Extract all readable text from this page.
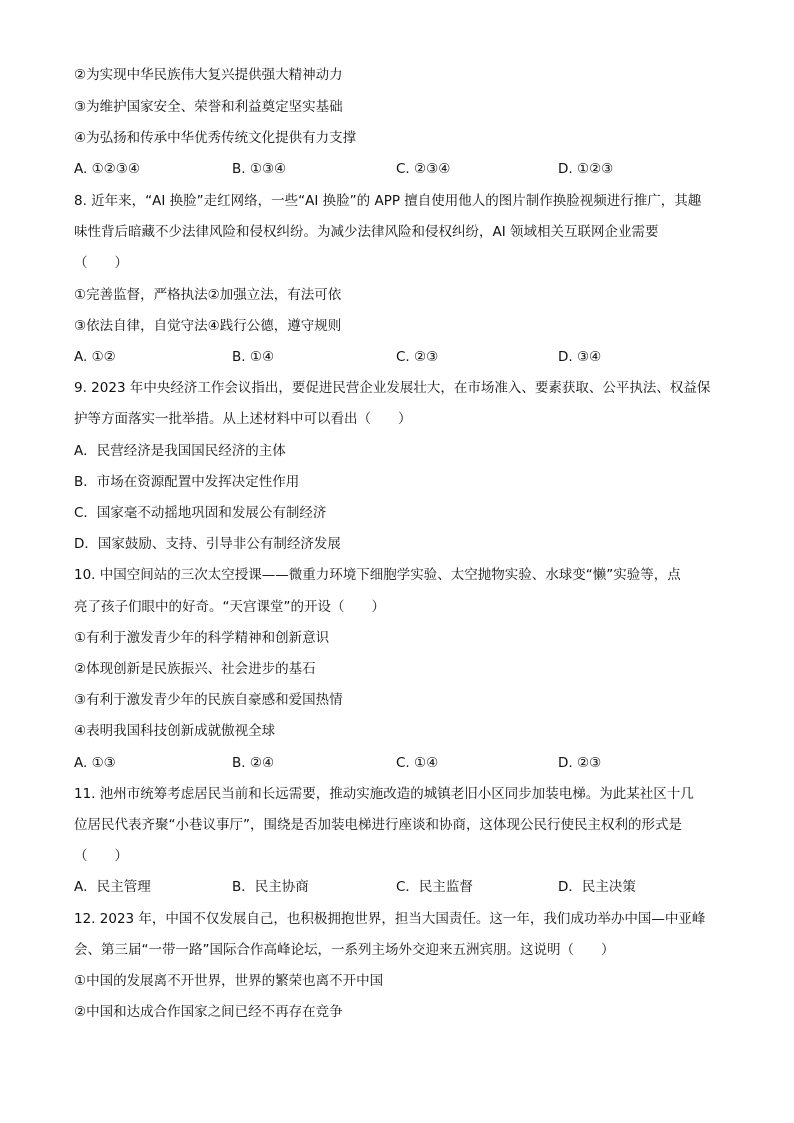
②为实现中华民族伟大复兴提供强大精神动力
③为维护国家安全、荣誉和利益奠定坚实基础
④为弘扬和传承中华优秀传统文化提供有力支撑
A. ①②③④	B. ①③④	C. ②③④	D. ①②③
8. 近年来，“AI 换脸”走红网络，一些“AI 换脸”的 APP 擅自使用他人的图片制作换脸视频进行推广，其趣
味性背后暗藏不少法律风险和侵权纠纷。为减少法律风险和侵权纠纷，AI 领域相关互联网企业需要
（　　）
①完善监督，严格执法②加强立法，有法可依
③依法自律，自觉守法④践行公德，遵守规则
A. ①②	B. ①④	C. ②③	D. ③④
9. 2023 年中央经济工作会议指出，要促进民营企业发展壮大，在市场准入、要素获取、公平执法、权益保
护等方面落实一批举措。从上述材料中可以看出（　　）
A．民营经济是我国国民经济的主体
B．市场在资源配置中发挥决定性作用
C．国家毫不动摇地巩固和发展公有制经济
D．国家鼓励、支持、引导非公有制经济发展
10. 中国空间站的三次太空授课——微重力环境下细胞学实验、太空抛物实验、水球变“懒”实验等，点
亮了孩子们眼中的好奇。“天宫课堂”的开设（　　）
①有利于激发青少年的科学精神和创新意识
②体现创新是民族振兴、社会进步的基石
③有利于激发青少年的民族自豪感和爱国热情
④表明我国科技创新成就傲视全球
A. ①③	B. ②④	C. ①④	D. ②③
11. 池州市统筹考虑居民当前和长远需要，推动实施改造的城镇老旧小区同步加装电梯。为此某社区十几
位居民代表齐聚“小巷议事厅”，围绕是否加装电梯进行座谈和协商，这体现公民行使民主权利的形式是
（　　）
A．民主管理	B．民主协商	C．民主监督	D．民主决策
12. 2023 年，中国不仅发展自己，也积极拥抱世界，担当大国责任。这一年，我们成功举办中国—中亚峰
会、第三届“一带一路”国际合作高峰论坛，一系列主场外交迎来五洲宾朋。这说明（　　）
①中国的发展离不开世界，世界的繁荣也离不开中国
②中国和达成合作国家之间已经不再存在竞争
